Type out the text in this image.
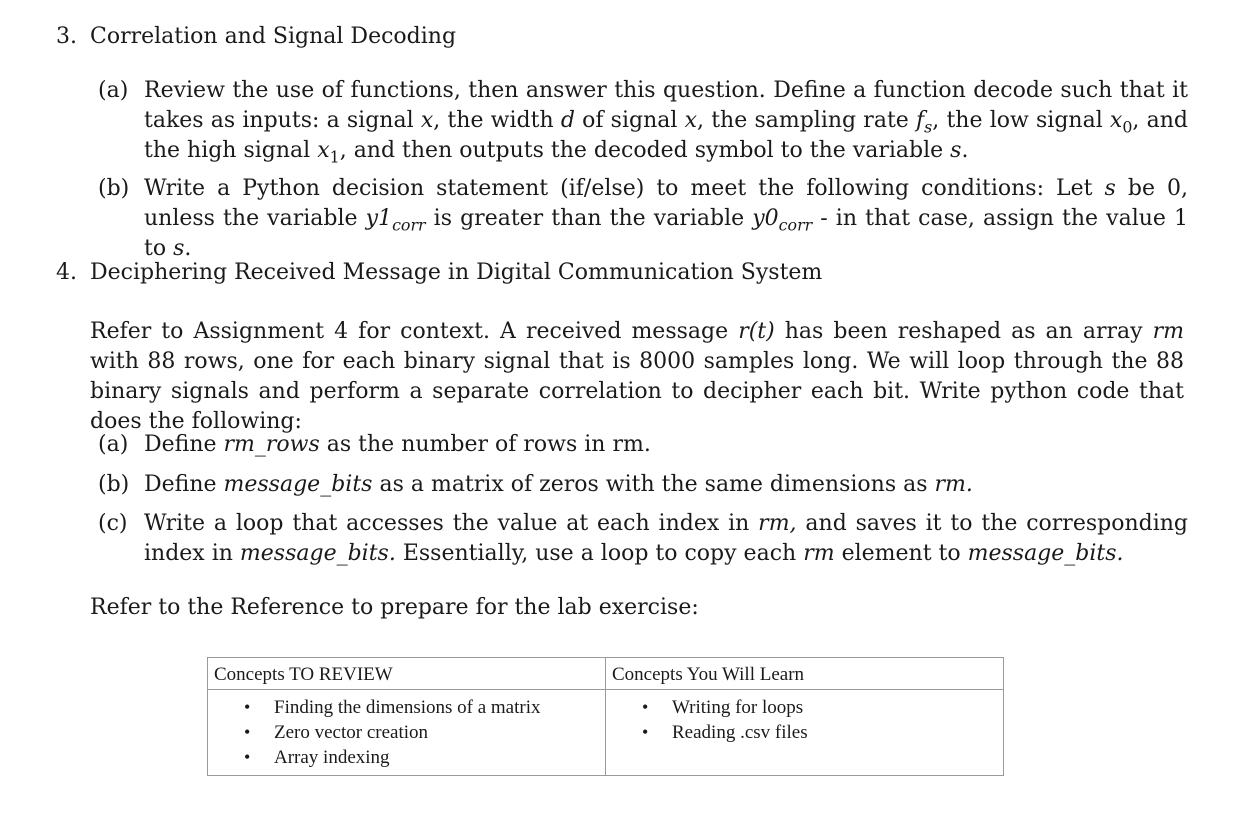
3. Correlation and Signal Decoding
(a) Review the use of functions, then answer this question. Define a function decode such that it takes as inputs: a signal x, the width d of signal x, the sampling rate $f_s$, the low signal $x_0$, and the high signal $x_1$, and then outputs the decoded symbol to the variable s.
(b) Write a Python decision statement (if/else) to meet the following conditions: Let s be 0, unless the variable $y1_{corr}$ is greater than the variable $y0_{corr}$ - in that case, assign the value 1 to s.
4. Deciphering Received Message in Digital Communication System
Refer to Assignment 4 for context. A received message r(t) has been reshaped as an array rm with 88 rows, one for each binary signal that is 8000 samples long. We will loop through the 88 binary signals and perform a separate correlation to decipher each bit. Write python code that does the following:
(a) Define rm_rows as the number of rows in rm.
(b) Define message_bits as a matrix of zeros with the same dimensions as rm.
(c) Write a loop that accesses the value at each index in rm, and saves it to the corresponding index in message_bits. Essentially, use a loop to copy each rm element to message_bits.
Refer to the Reference to prepare for the lab exercise:
Concepts TO REVIEW
• Finding the dimensions of a matrix
• Zero vector creation
• Array indexing
Concepts You Will Learn
• Writing for loops
• Reading .csv files
